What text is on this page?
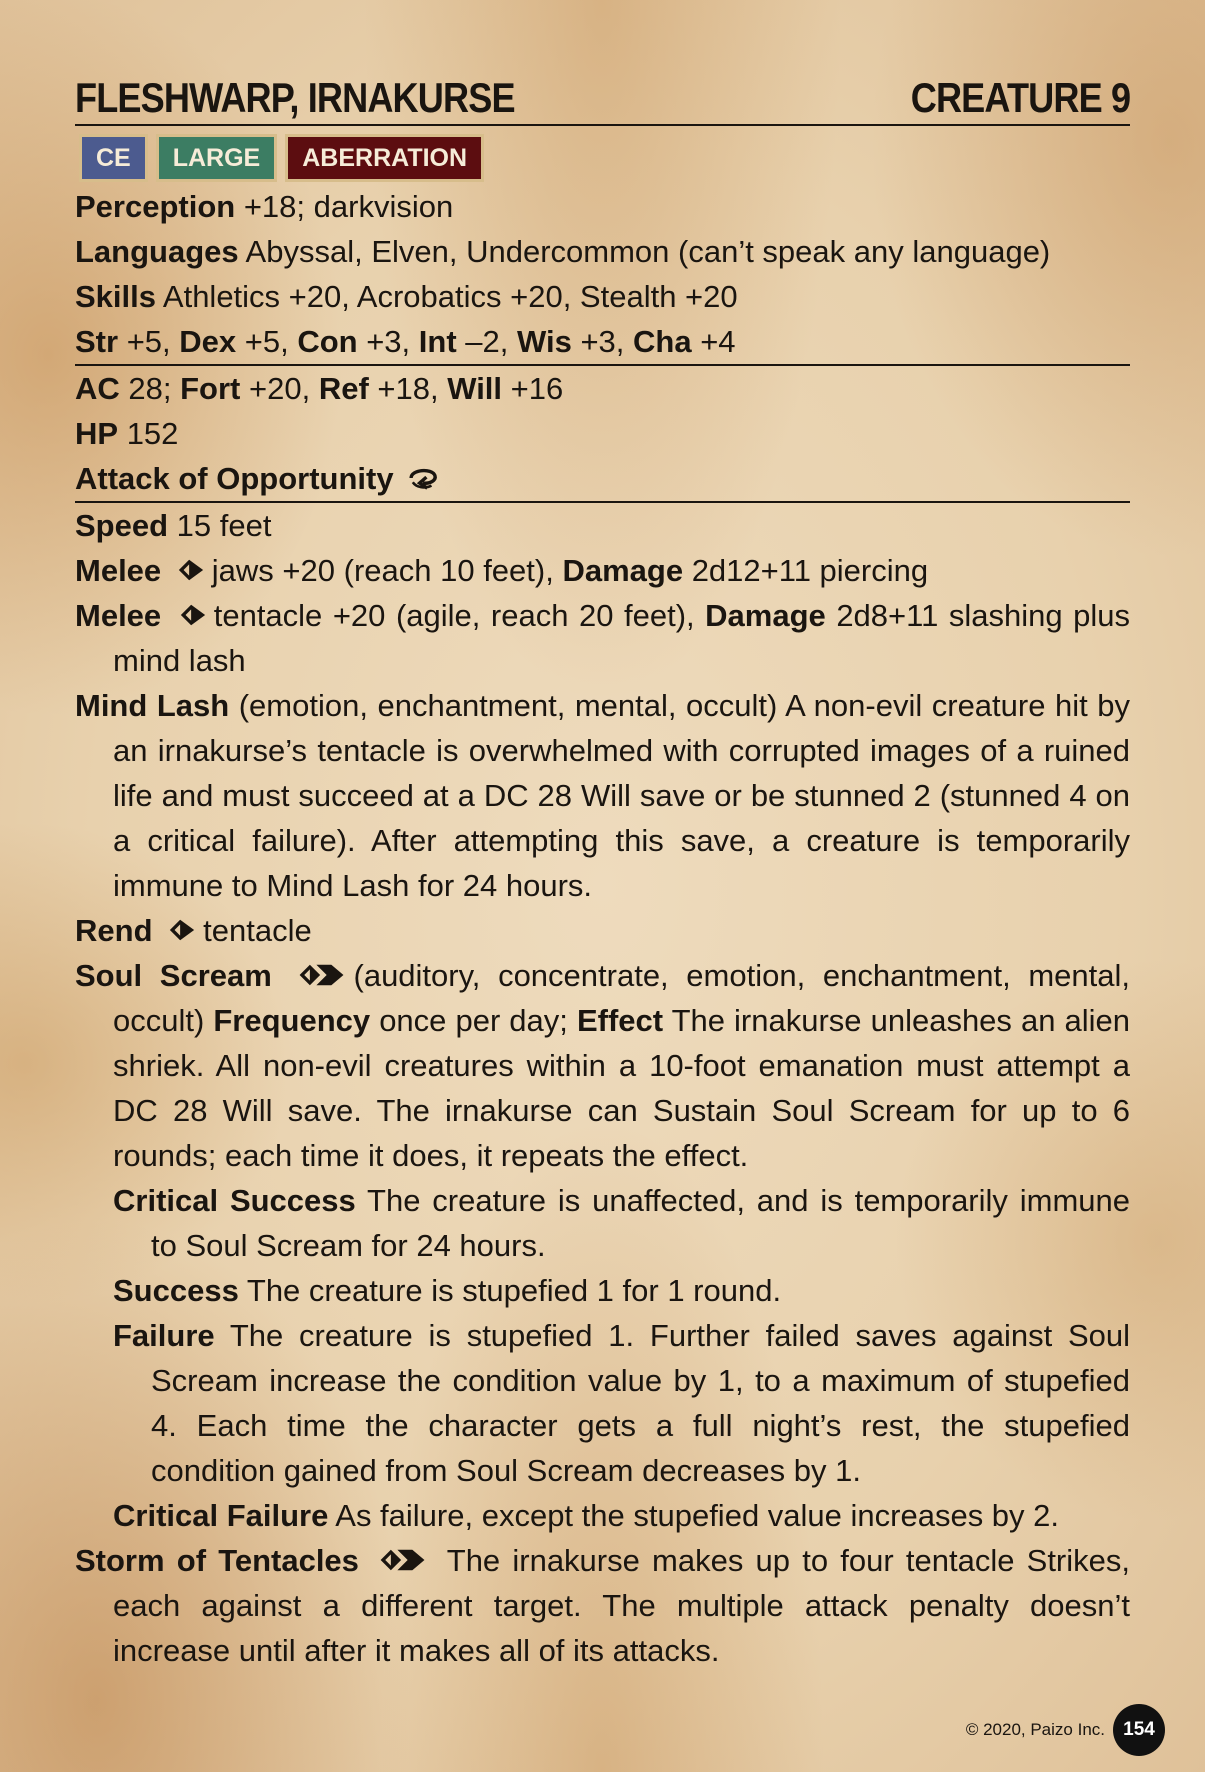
FLESHWARP, IRNAKURSE	CREATURE 9
CE	LARGE	ABERRATION
Perception +18; darkvision
Languages Abyssal, Elven, Undercommon (can’t speak any language)
Skills Athletics +20, Acrobatics +20, Stealth +20
Str +5, Dex +5, Con +3, Int –2, Wis +3, Cha +4
AC 28; Fort +20, Ref +18, Will +16
HP 152
Attack of Opportunity
Speed 15 feet
Melee jaws +20 (reach 10 feet), Damage 2d12+11 piercing
Melee tentacle +20 (agile, reach 20 feet), Damage 2d8+11 slashing plus mind lash
Mind Lash (emotion, enchantment, mental, occult) A non-evil creature hit by an irnakurse’s tentacle is overwhelmed with corrupted images of a ruined life and must succeed at a DC 28 Will save or be stunned 2 (stunned 4 on a critical failure). After attempting this save, a creature is temporarily immune to Mind Lash for 24 hours.
Rend tentacle
Soul Scream	(auditory, concentrate, emotion, enchantment, mental, occult) Frequency once per day; Effect The irnakurse unleashes an alien shriek. All non-evil creatures within a 10-foot emanation must attempt a DC 28 Will save. The irnakurse can Sustain Soul Scream for up to 6 rounds; each time it does, it repeats the effect.
Critical Success The creature is unaffected, and is temporarily immune to Soul Scream for 24 hours.
Success The creature is stupefied 1 for 1 round.
Failure The creature is stupefied 1. Further failed saves against Soul Scream increase the condition value by 1, to a maximum of stupefied 4. Each time the character gets a full night’s rest, the stupefied condition gained from Soul Scream decreases by 1.
Critical Failure As failure, except the stupefied value increases by 2.
Storm of Tentacles  The irnakurse makes up to four tentacle Strikes, each against a different target. The multiple attack penalty doesn’t increase until after it makes all of its attacks.
© 2020, Paizo Inc. 154
